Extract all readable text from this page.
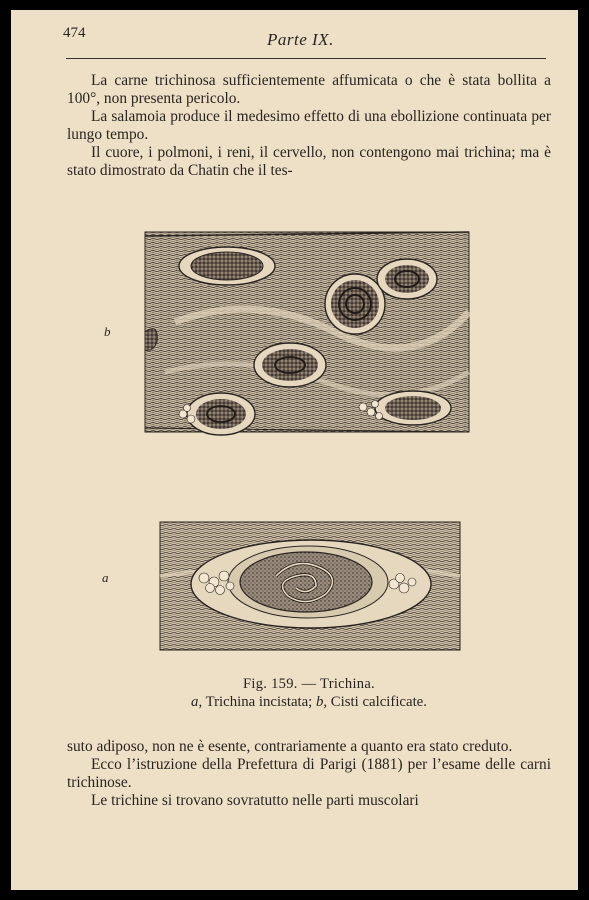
474	Parte IX.

La carne trichinosa sufficientemente affumicata o che è stata bollita a 100°, non presenta pericolo.

La salamoia produce il medesimo effetto di una ebollizione continuata per lungo tempo.

Il cuore, i polmoni, i reni, il cervello, non contengono mai trichina; ma è stato dimostrato da Chatin che il tes-

b
a
Fig. 159. — Trichina.
a, Trichina incistata; b, Cisti calcificate.

suto adiposo, non ne è esente, contrariamente a quanto era stato creduto.

Ecco l’istruzione della Prefettura di Parigi (1881) per l’esame delle carni trichinose.

Le trichine si trovano sovratutto nelle parti muscolari
